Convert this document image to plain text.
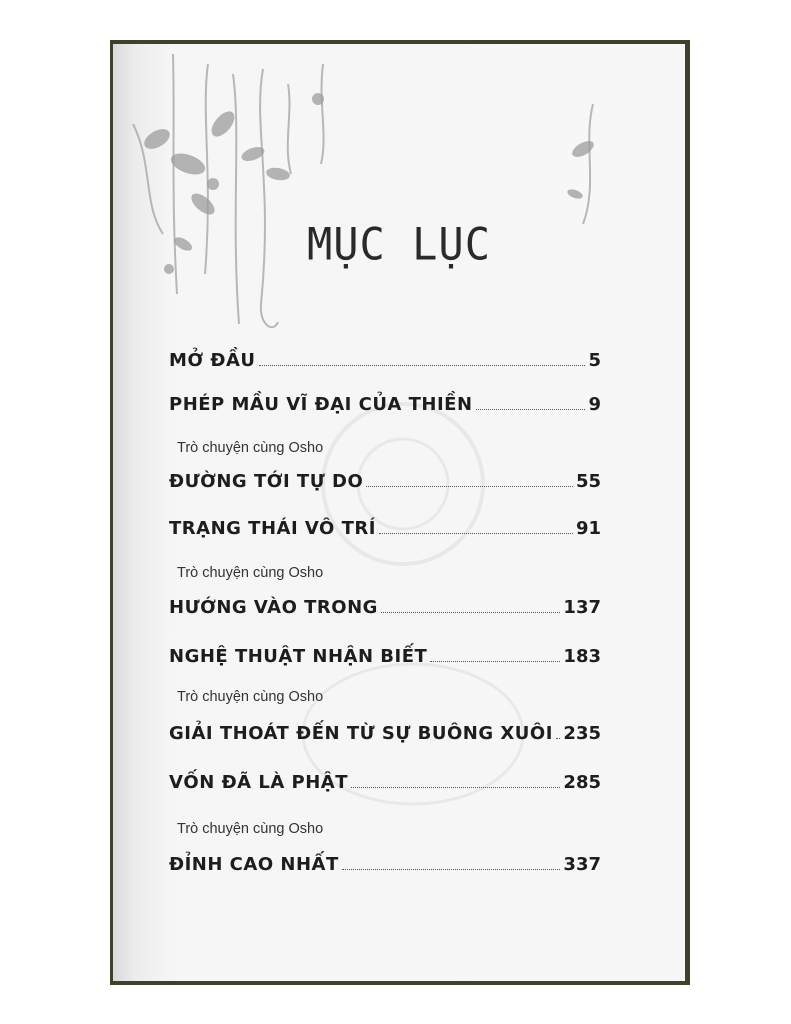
MỤC LỤC
MỞ ĐẦU	5
PHÉP MẦU VĨ ĐẠI CỦA THIỀN	9
Trò chuyện cùng Osho
ĐƯỜNG TỚI TỰ DO	55
TRẠNG THÁI VÔ TRÍ	91
Trò chuyện cùng Osho
HƯỚNG VÀO TRONG	137
NGHỆ THUẬT NHẬN BIẾT	183
Trò chuyện cùng Osho
GIẢI THOÁT ĐẾN TỪ SỰ BUÔNG XUÔI 235
VỐN ĐÃ LÀ PHẬT	285
Trò chuyện cùng Osho
ĐỈNH CAO NHẤT	337
